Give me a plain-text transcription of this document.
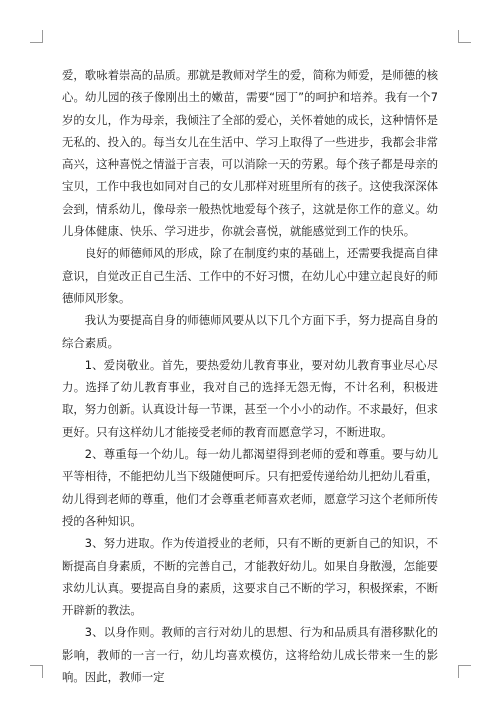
爱，歌咏着崇高的品质。那就是教师对学生的爱，简称为师爱，是师德的核心。幼儿园的孩子像刚出土的嫩苗，需要“园丁”的呵护和培养。我有一个7岁的女儿，作为母亲，我倾注了全部的爱心，关怀着她的成长，这种情怀是无私的、投入的。每当女儿在生活中、学习上取得了一些进步，我都会非常高兴，这种喜悦之情溢于言表，可以消除一天的劳累。每个孩子都是母亲的宝贝，工作中我也如同对自己的女儿那样对班里所有的孩子。这使我深深体会到，情系幼儿，像母亲一般热忱地爱每个孩子，这就是你工作的意义。幼儿身体健康、快乐、学习进步，你就会喜悦，就能感觉到工作的快乐。

良好的师德师风的形成，除了在制度约束的基础上，还需要我提高自律意识，自觉改正自己生活、工作中的不好习惯，在幼儿心中建立起良好的师德师风形象。

我认为要提高自身的师德师风要从以下几个方面下手，努力提高自身的综合素质。

1、爱岗敬业。首先，要热爱幼儿教育事业，要对幼儿教育事业尽心尽力。选择了幼儿教育事业，我对自己的选择无怨无悔，不计名利，积极进取，努力创新。认真设计每一节课，甚至一个小小的动作。不求最好，但求更好。只有这样幼儿才能接受老师的教育而愿意学习，不断进取。

2、尊重每一个幼儿。每一幼儿都渴望得到老师的爱和尊重。要与幼儿平等相待，不能把幼儿当下级随便呵斥。只有把爱传递给幼儿把幼儿看重，幼儿得到老师的尊重，他们才会尊重老师喜欢老师，愿意学习这个老师所传授的各种知识。

3、努力进取。作为传道授业的老师，只有不断的更新自己的知识，不断提高自身素质，不断的完善自己，才能教好幼儿。如果自身散漫，怎能要求幼儿认真。要提高自身的素质，这要求自己不断的学习，积极探索，不断开辟新的教法。

3、以身作则。教师的言行对幼儿的思想、行为和品质具有潜移默化的影响，教师的一言一行，幼儿均喜欢模仿，这将给幼儿成长带来一生的影响。因此，教师一定
